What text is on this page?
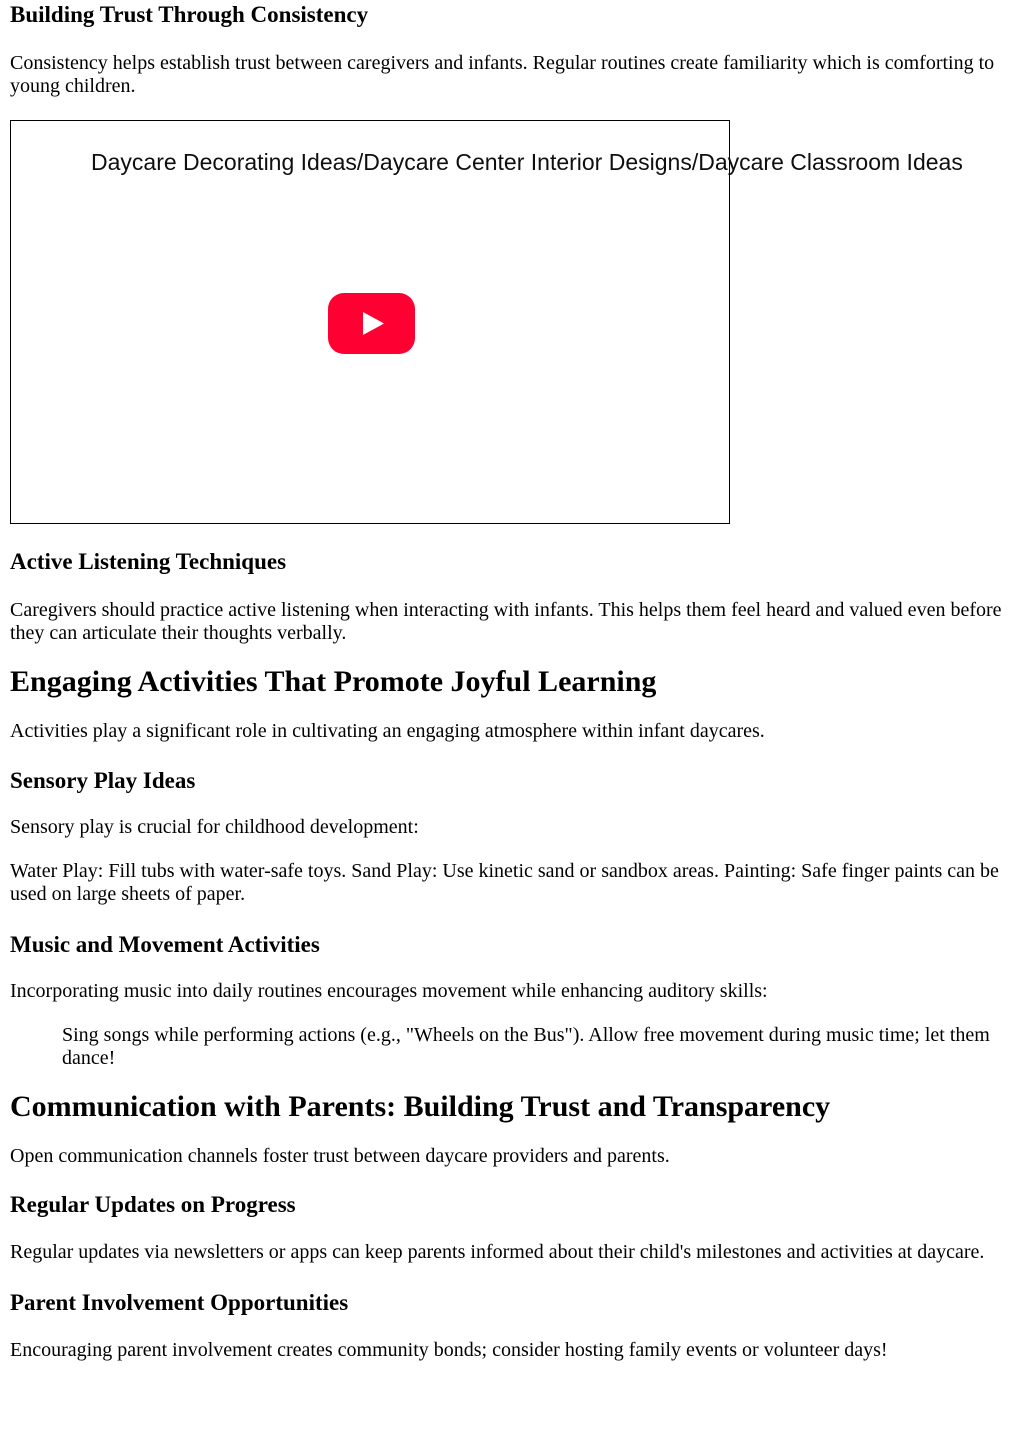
Building Trust Through Consistency

Consistency helps establish trust between caregivers and infants. Regular routines create familiarity which is comforting to young children.

Daycare Decorating Ideas/Daycare Center Interior Designs/Daycare Classroom Ideas
Active Listening Techniques

Caregivers should practice active listening when interacting with infants. This helps them feel heard and valued even before they can articulate their thoughts verbally.

Engaging Activities That Promote Joyful Learning

Activities play a significant role in cultivating an engaging atmosphere within infant daycares.

Sensory Play Ideas

Sensory play is crucial for childhood development:

Water Play: Fill tubs with water-safe toys. Sand Play: Use kinetic sand or sandbox areas. Painting: Safe finger paints can be used on large sheets of paper.

Music and Movement Activities

Incorporating music into daily routines encourages movement while enhancing auditory skills:

Sing songs while performing actions (e.g., "Wheels on the Bus"). Allow free movement during music time; let them dance!
Communication with Parents: Building Trust and Transparency

Open communication channels foster trust between daycare providers and parents.

Regular Updates on Progress

Regular updates via newsletters or apps can keep parents informed about their child's milestones and activities at daycare.

Parent Involvement Opportunities

Encouraging parent involvement creates community bonds; consider hosting family events or volunteer days!
